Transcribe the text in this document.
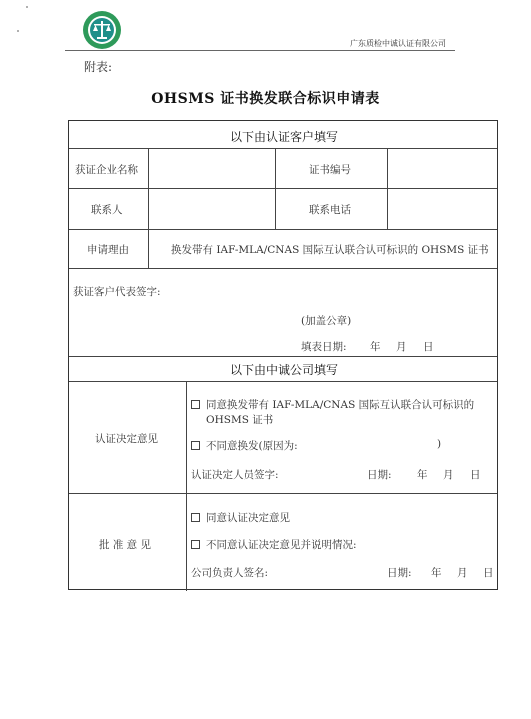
广东质检中诚认证有限公司
附表:
OHSMS 证书换发联合标识申请表
以下由认证客户填写
获证企业名称	证书编号
联系人	联系电话
申请理由	换发带有 IAF-MLA/CNAS 国际互认联合认可标识的 OHSMS 证书
获证客户代表签字:
(加盖公章)
填表日期: 年 月 日
以下由中诚公司填写
认证决定意见
同意换发带有 IAF-MLA/CNAS 国际互认联合认可标识的
OHSMS 证书
不同意换发(原因为:	)
认证决定人员签字:	日期: 年 月 日
批 准 意 见
同意认证决定意见
不同意认证决定意见并说明情况:
公司负责人签名:	日期: 年 月 日
